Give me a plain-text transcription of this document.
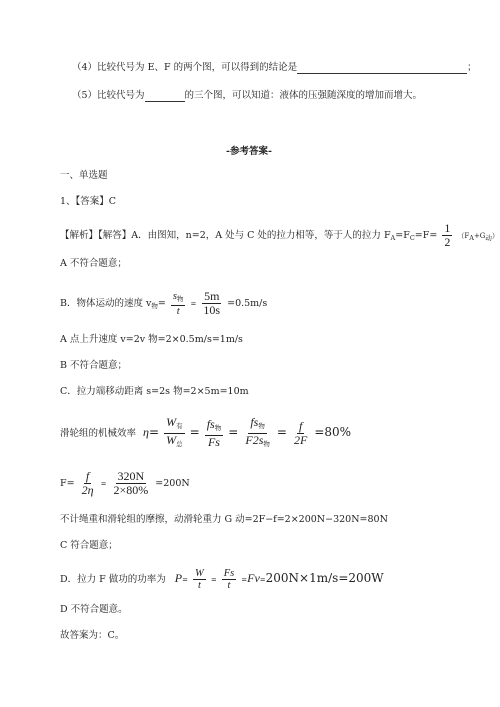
（4）比较代号为 E、F 的两个图，可以得到的结论是	；
（5）比较代号为	的三个图，可以知道：液体的压强随深度的增加而增大。
-参考答案-
一、单选题
1、【答案】C
【解析】【解答】A．由图知，n=2，A 处与 C 处的拉力相等，等于人的拉力 $F_A=F_C=F= \frac{1}{2} (F_A+G_动)$
A 不符合题意；
B．物体运动的速度 $v_物= \frac{s_物}{t} = \frac{5m}{10s} =0.5m/s$
A 点上升速度 v=2v 物=2×0.5m/s=1m/s
B 不符合题意；
C．拉力端移动距离 s=2s 物=2×5m=10m
滑轮组的机械效率 $\eta= \frac{W_有}{W_总} = \frac{fs_物}{Fs} = \frac{fs_物}{F2s_物} = \frac{f}{2F} =80\%$
$F= \frac{f}{2\eta} = \frac{320N}{2\times 80\%} =200N$
不计绳重和滑轮组的摩擦，动滑轮重力 G 动=2F−f=2×200N−320N=80N
C 符合题意；
D．拉力 F 做功的功率为 $P= \frac{W}{t} = \frac{Fs}{t} =Fv=200N\times 1m/s=200W$
D 不符合题意。
故答案为：C。
